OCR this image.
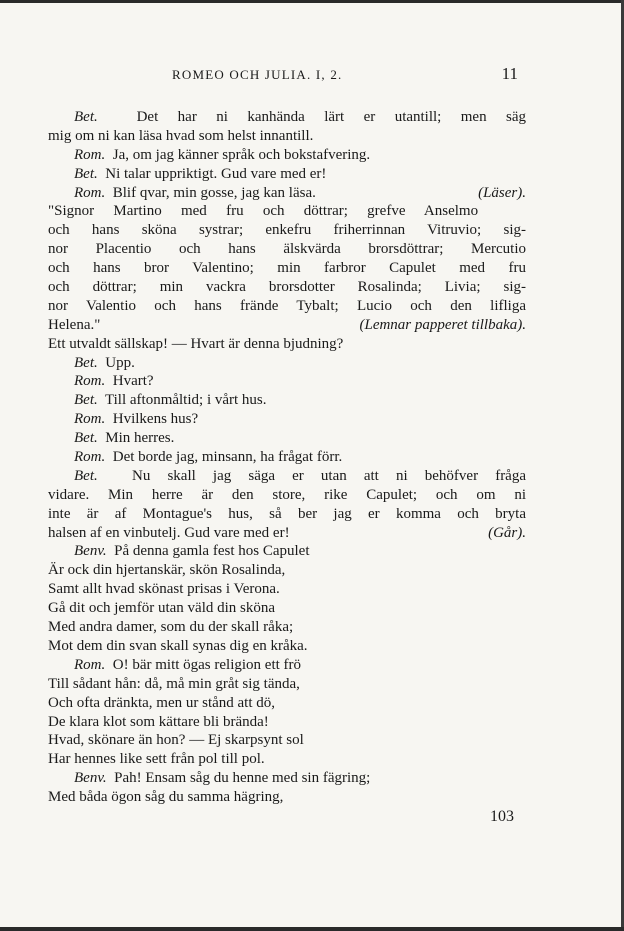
ROMEO OCH JULIA. I, 2.	11
Bet.	Det har ni kanhända lärt er utantill; men säg
mig om ni kan läsa hvad som helst innantill.
Rom. Ja, om jag känner språk och bokstafvering.
Bet. Ni talar uppriktigt. Gud vare med er!
Rom. Blif qvar, min gosse, jag kan läsa.	(Läser).
"Signor Martino med fru och döttrar; grefve Anselmo
och hans sköna systrar; enkefru friherrinnan Vitruvio; sig-
nor Placentio och hans älskvärda brorsdöttrar; Mercutio
och hans bror Valentino; min farbror Capulet med fru
och döttrar; min vackra brorsdotter Rosalinda; Livia; sig-
nor Valentio och hans frände Tybalt; Lucio och den lifliga
Helena."	(Lemnar papperet tillbaka).
Ett utvaldt sällskap! — Hvart är denna bjudning?
Bet. Upp.
Rom. Hvart?
Bet. Till aftonmåltid; i vårt hus.
Rom. Hvilkens hus?
Bet. Min herres.
Rom. Det borde jag, minsann, ha frågat förr.
Bet. Nu skall jag säga er utan att ni behöfver fråga
vidare. Min herre är den store, rike Capulet; och om ni
inte är af Montague's hus, så ber jag er komma och bryta
halsen af en vinbutelj. Gud vare med er!	(Går).
Benv. På denna gamla fest hos Capulet
Är ock din hjertanskär, skön Rosalinda,
Samt allt hvad skönast prisas i Verona.
Gå dit och jemför utan väld din sköna
Med andra damer, som du der skall råka;
Mot dem din svan skall synas dig en kråka.
Rom. O! bär mitt ögas religion ett frö
Till sådant hån: då, må min gråt sig tända,
Och ofta dränkta, men ur stånd att dö,
De klara klot som kättare bli brända!
Hvad, skönare än hon? — Ej skarpsynt sol
Har hennes like sett från pol till pol.
Benv. Pah! Ensam såg du henne med sin fägring;
Med båda ögon såg du samma hägring,
103
